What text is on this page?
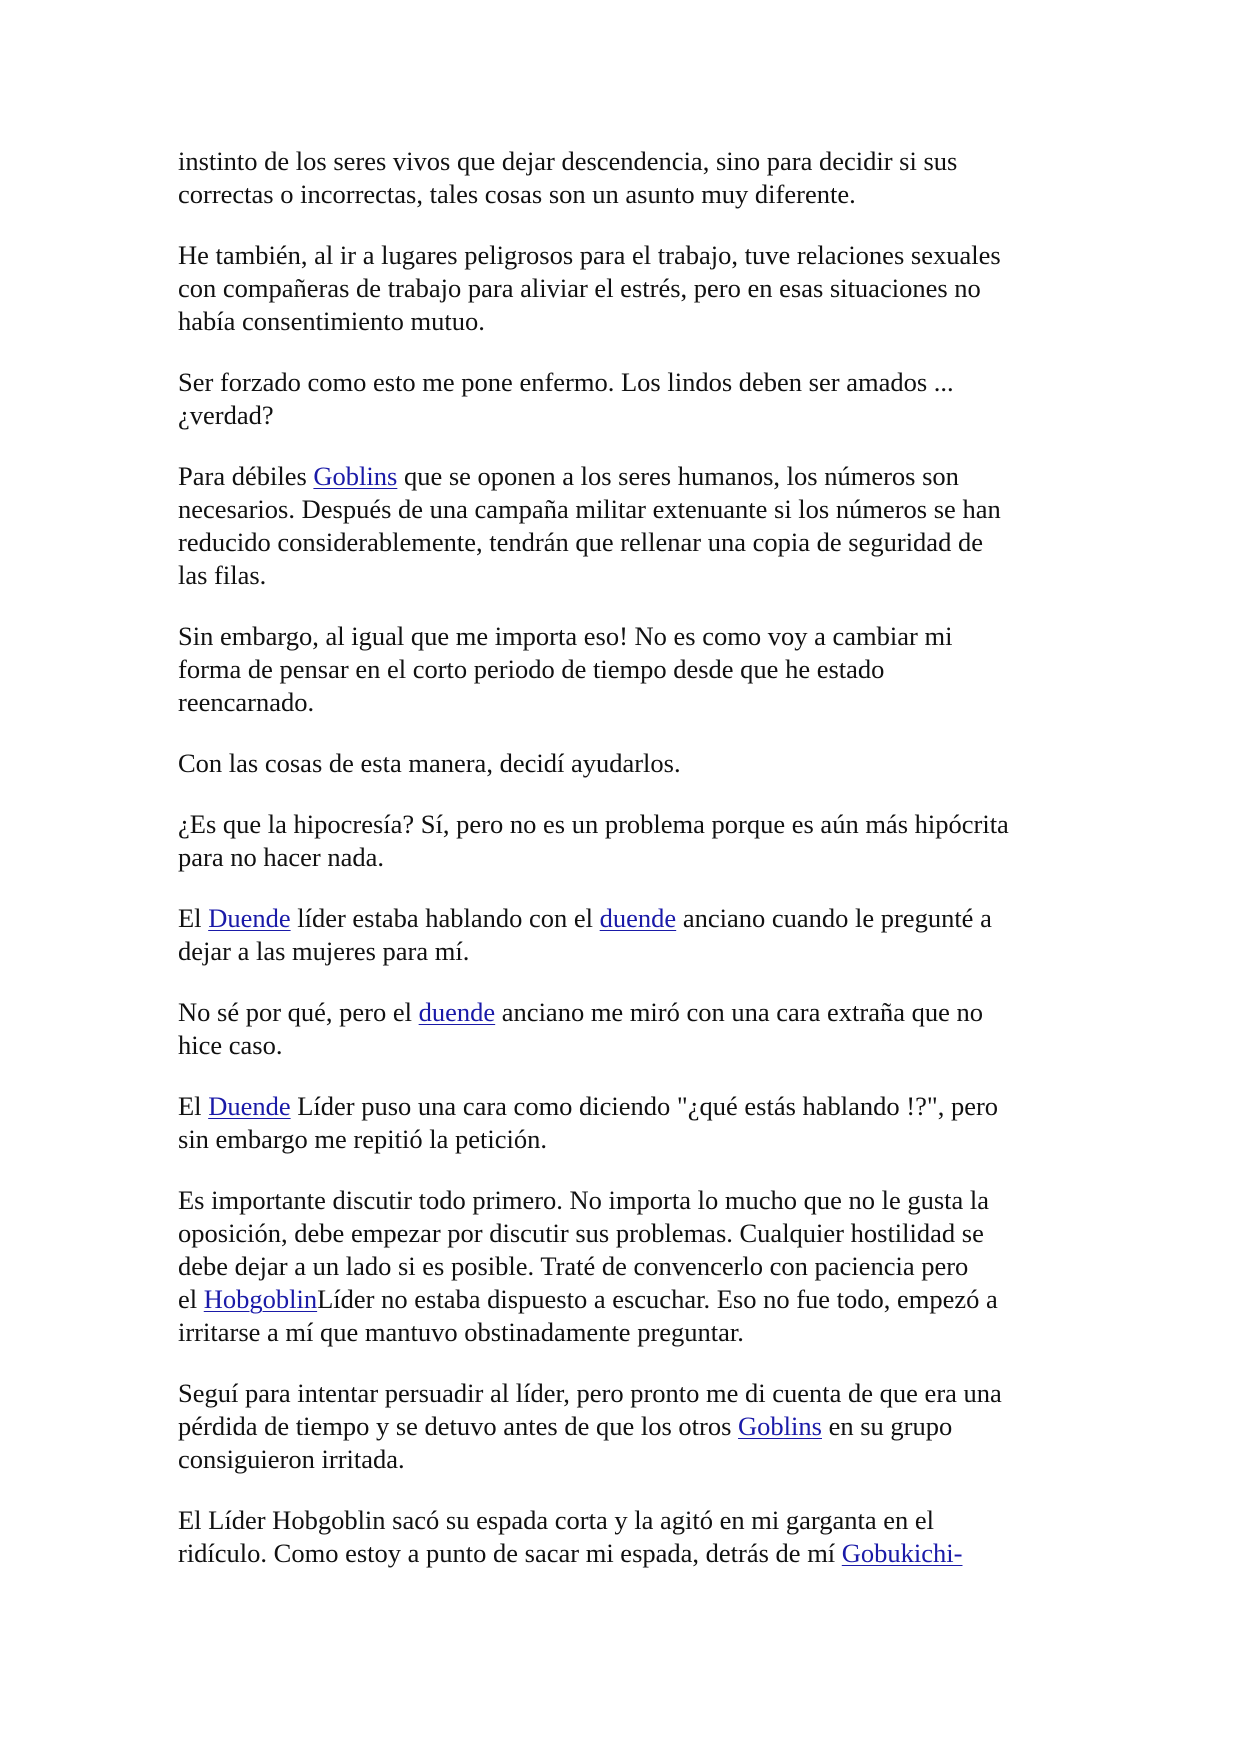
instinto de los seres vivos que dejar descendencia, sino para decidir si sus
correctas o incorrectas, tales cosas son un asunto muy diferente.

He también, al ir a lugares peligrosos para el trabajo, tuve relaciones sexuales
con compañeras de trabajo para aliviar el estrés, pero en esas situaciones no
había consentimiento mutuo.

Ser forzado como esto me pone enfermo. Los lindos deben ser amados ...
¿verdad?

Para débiles Goblins que se oponen a los seres humanos, los números son
necesarios. Después de una campaña militar extenuante si los números se han
reducido considerablemente, tendrán que rellenar una copia de seguridad de
las filas.

Sin embargo, al igual que me importa eso! No es como voy a cambiar mi
forma de pensar en el corto periodo de tiempo desde que he estado
reencarnado.

Con las cosas de esta manera, decidí ayudarlos.

¿Es que la hipocresía? Sí, pero no es un problema porque es aún más hipócrita
para no hacer nada.

El Duende líder estaba hablando con el duende anciano cuando le pregunté a
dejar a las mujeres para mí.

No sé por qué, pero el duende anciano me miró con una cara extraña que no
hice caso.

El Duende Líder puso una cara como diciendo "¿qué estás hablando !?", pero
sin embargo me repitió la petición.

Es importante discutir todo primero. No importa lo mucho que no le gusta la
oposición, debe empezar por discutir sus problemas. Cualquier hostilidad se
debe dejar a un lado si es posible. Traté de convencerlo con paciencia pero
el HobgoblinLíder no estaba dispuesto a escuchar. Eso no fue todo, empezó a
irritarse a mí que mantuvo obstinadamente preguntar.

Seguí para intentar persuadir al líder, pero pronto me di cuenta de que era una
pérdida de tiempo y se detuvo antes de que los otros Goblins en su grupo
consiguieron irritada.

El Líder Hobgoblin sacó su espada corta y la agitó en mi garganta en el
ridículo. Como estoy a punto de sacar mi espada, detrás de mí Gobukichi-
